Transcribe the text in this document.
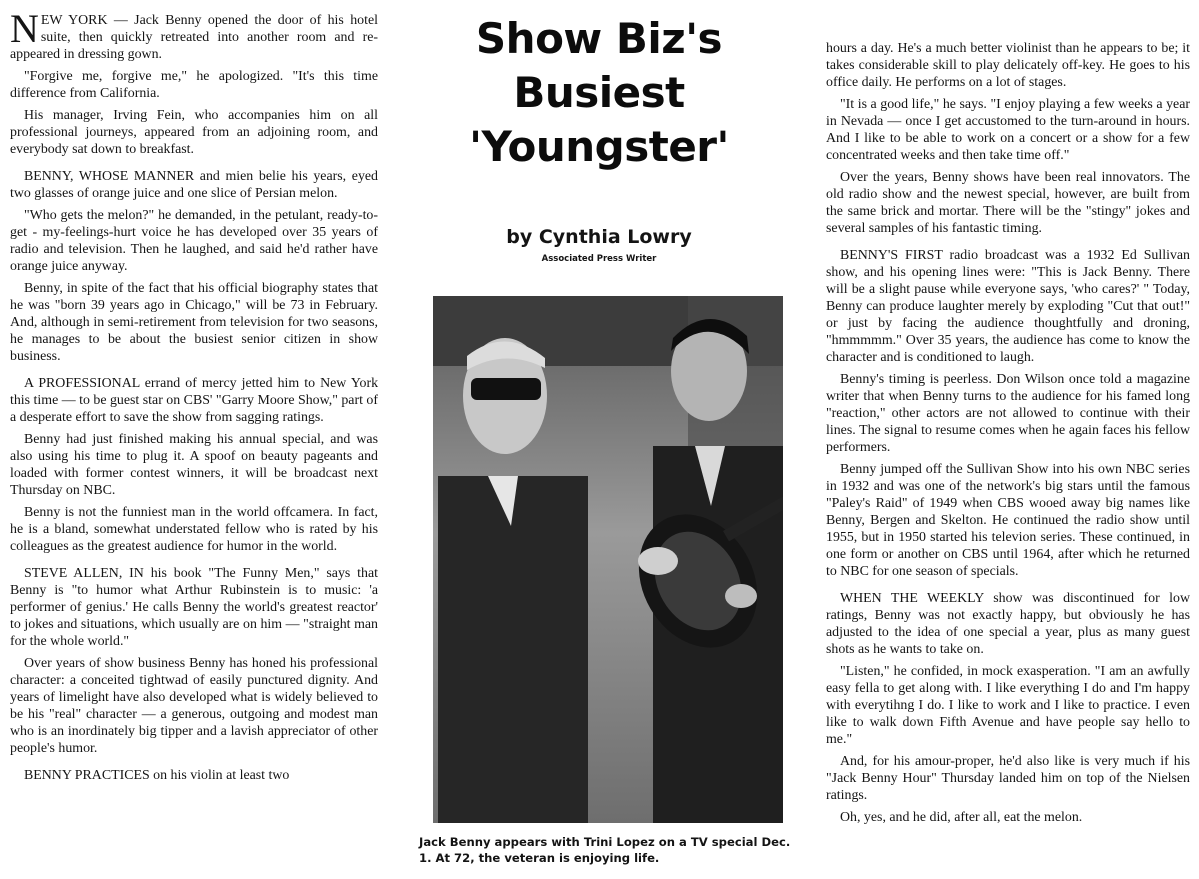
NEW YORK — Jack Benny opened the door of his hotel suite, then quickly retreated into another room and re-appeared in dressing gown.

"Forgive me, forgive me," he apologized. "It's this time difference from California.

His manager, Irving Fein, who accompanies him on all professional journeys, appeared from an adjoining room, and everybody sat down to breakfast.

BENNY, WHOSE MANNER and mien belie his years, eyed two glasses of orange juice and one slice of Persian melon.

"Who gets the melon?" he demanded, in the petulant, ready-to-get - my-feelings-hurt voice he has developed over 35 years of radio and television. Then he laughed, and said he'd rather have orange juice anyway.

Benny, in spite of the fact that his official biography states that he was "born 39 years ago in Chicago," will be 73 in February. And, although in semi-retirement from television for two seasons, he manages to be about the busiest senior citizen in show business.

A PROFESSIONAL errand of mercy jetted him to New York this time — to be guest star on CBS' "Garry Moore Show," part of a desperate effort to save the show from sagging ratings.

Benny had just finished making his annual special, and was also using his time to plug it. A spoof on beauty pageants and loaded with former contest winners, it will be broadcast next Thursday on NBC.

Benny is not the funniest man in the world offcamera. In fact, he is a bland, somewhat understated fellow who is rated by his colleagues as the greatest audience for humor in the world.

STEVE ALLEN, IN his book "The Funny Men," says that Benny is "to humor what Arthur Rubinstein is to music: 'a performer of genius.' He calls Benny the world's greatest reactor' to jokes and situations, which usually are on him — "straight man for the whole world."

Over years of show business Benny has honed his professional character: a conceited tightwad of easily punctured dignity. And years of limelight have also developed what is widely believed to be his "real" character — a generous, outgoing and modest man who is an inordinately big tipper and a lavish appreciator of other people's humor.

BENNY PRACTICES on his violin at least two

Show Biz's
Busiest
'Youngster'
by Cynthia Lowry
Associated Press Writer
Jack Benny appears with Trini Lopez on a TV special Dec. 1. At 72, the veteran is enjoying life.

hours a day. He's a much better violinist than he appears to be; it takes considerable skill to play delicately off-key. He goes to his office daily. He performs on a lot of stages.

"It is a good life," he says. "I enjoy playing a few weeks a year in Nevada — once I get accustomed to the turn-around in hours. And I like to be able to work on a concert or a show for a few concentrated weeks and then take time off."

Over the years, Benny shows have been real innovators. The old radio show and the newest special, however, are built from the same brick and mortar. There will be the "stingy" jokes and several samples of his fantastic timing.

BENNY'S FIRST radio broadcast was a 1932 Ed Sullivan show, and his opening lines were: "This is Jack Benny. There will be a slight pause while everyone says, 'who cares?' " Today, Benny can produce laughter merely by exploding "Cut that out!" or just by facing the audience thoughtfully and droning, "hmmmmm." Over 35 years, the audience has come to know the character and is conditioned to laugh.

Benny's timing is peerless. Don Wilson once told a magazine writer that when Benny turns to the audience for his famed long "reaction," other actors are not allowed to continue with their lines. The signal to resume comes when he again faces his fellow performers.

Benny jumped off the Sullivan Show into his own NBC series in 1932 and was one of the network's big stars until the famous "Paley's Raid" of 1949 when CBS wooed away big names like Benny, Bergen and Skelton. He continued the radio show until 1955, but in 1950 started his televion series. These continued, in one form or another on CBS until 1964, after which he returned to NBC for one season of specials.

WHEN THE WEEKLY show was discontinued for low ratings, Benny was not exactly happy, but obviously he has adjusted to the idea of one special a year, plus as many guest shots as he wants to take on.

"Listen," he confided, in mock exasperation. "I am an awfully easy fella to get along with. I like everything I do and I'm happy with everytihng I do. I like to work and I like to practice. I even like to walk down Fifth Avenue and have people say hello to me."

And, for his amour-proper, he'd also like is very much if his "Jack Benny Hour" Thursday landed him on top of the Nielsen ratings.

Oh, yes, and he did, after all, eat the melon.
